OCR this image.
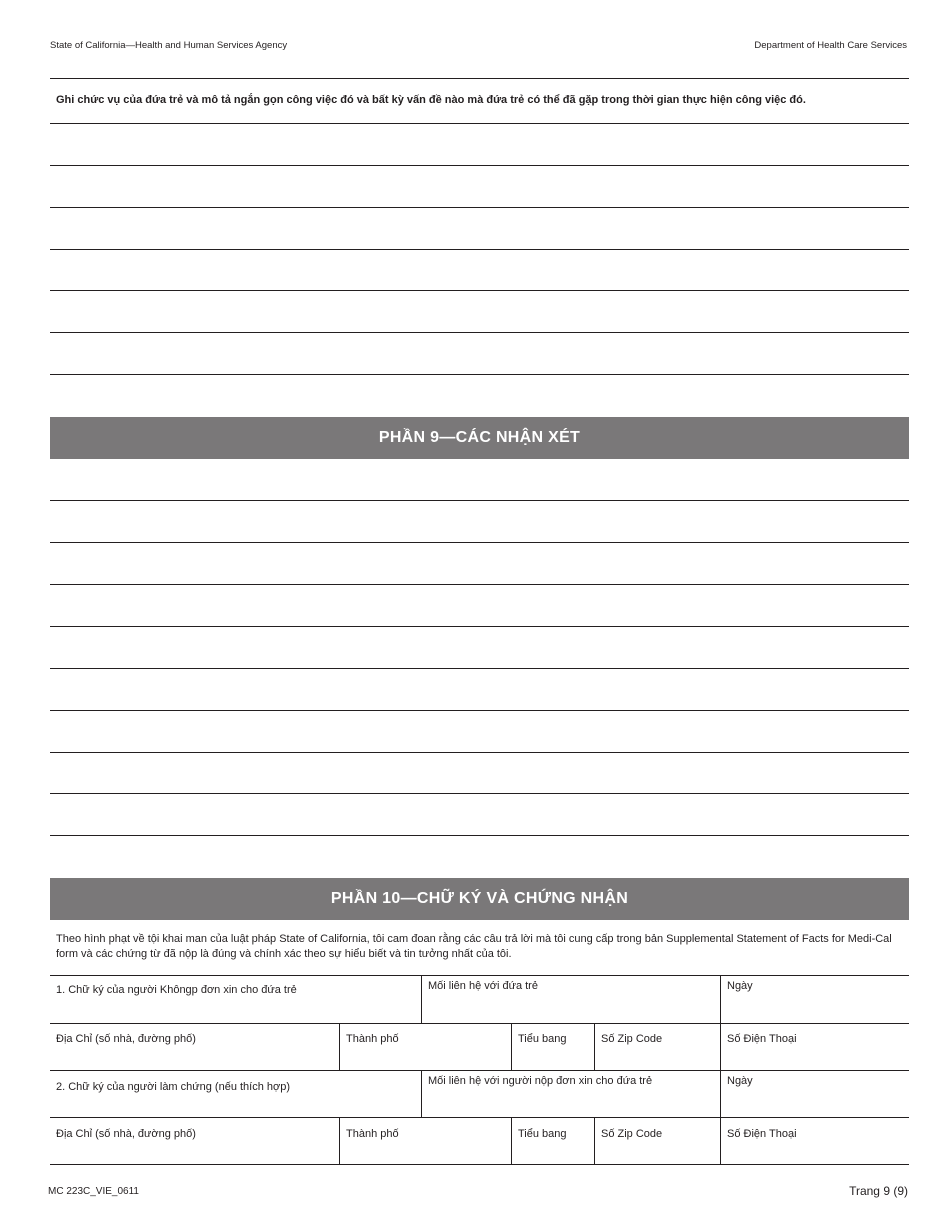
State of California—Health and Human Services Agency	Department of Health Care Services
Ghi chức vụ của đứa trẻ và mô tả ngắn gọn công việc đó và bất kỳ vấn đề nào mà đứa trẻ có thể đã gặp trong thời gian thực hiện công việc đó.
PHẦN 9—CÁC NHẬN XÉT
PHẦN 10—CHỮ KÝ VÀ CHỨNG NHẬN
Theo hình phạt về tội khai man của luật pháp State of California, tôi cam đoan rằng các câu trả lời mà tôi cung cấp trong bản Supplemental Statement of Facts for Medi-Cal form và các chứng từ đã nộp là đúng và chính xác theo sự hiểu biết và tin tưởng nhất của tôi.
1. Chữ ký của người Khôngp đơn xin cho đứa trẻ	Mối liên hệ với đứa trẻ	Ngày
Địa Chỉ (số nhà, đường phố)	Thành phố	Tiểu bang	Số Zip Code	Số Điện Thoại
2. Chữ ký của người làm chứng (nếu thích hợp)	Mối liên hệ với người nộp đơn xin cho đứa trẻ	Ngày
Địa Chỉ (số nhà, đường phố)	Thành phố	Tiểu bang	Số Zip Code	Số Điện Thoại
MC 223C_VIE_0611	Trang 9 (9)
